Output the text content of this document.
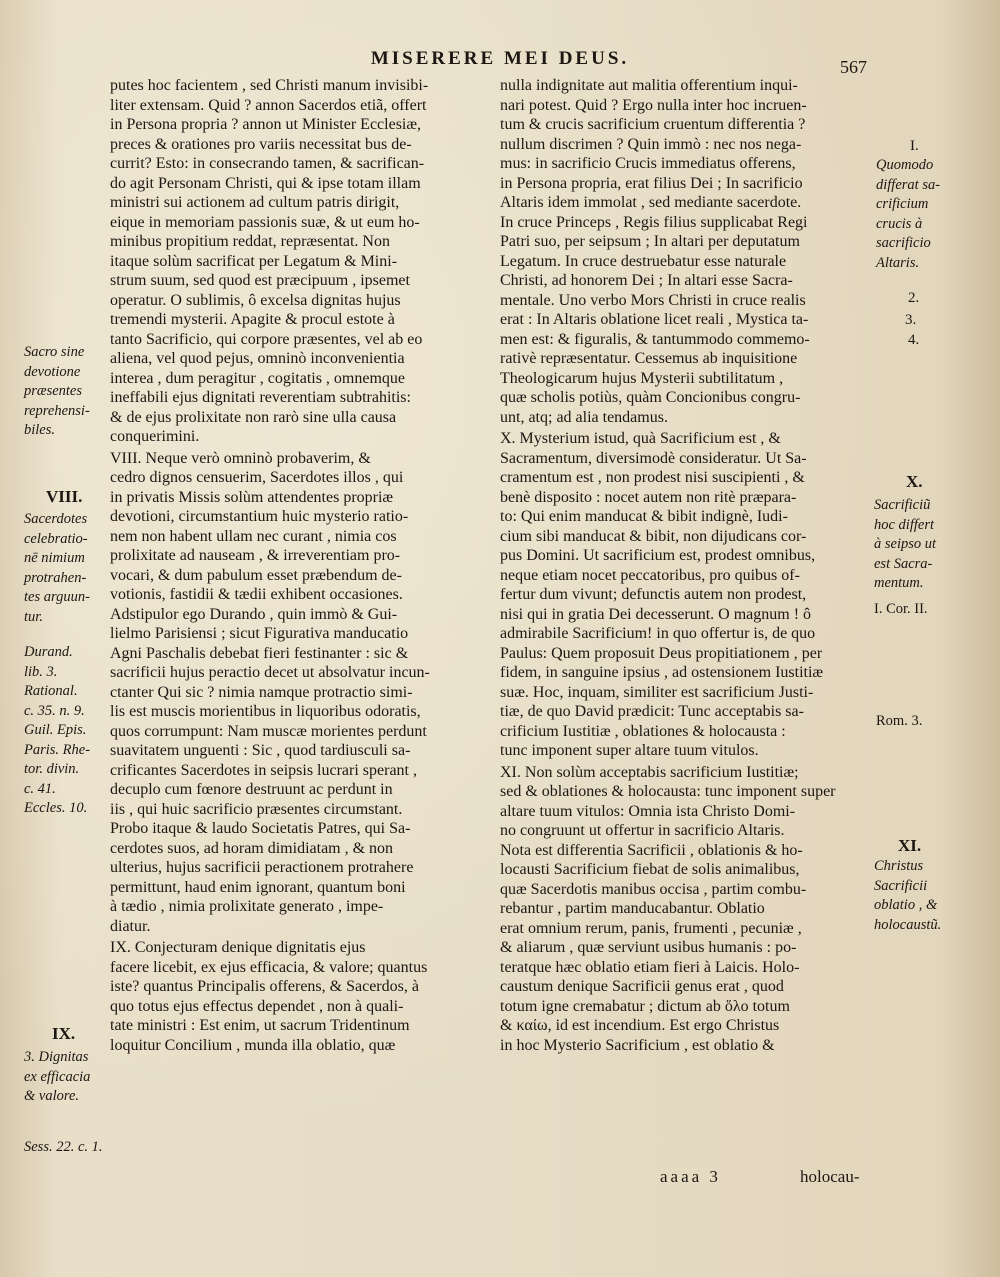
MISERERE MEI DEUS.	567

putes hoc facientem , sed Christi manum invisibi-
liter extensam. Quid ? annon Sacerdos etiã, offert
in Persona propria ? annon ut Minister Ecclesiæ,
preces & orationes pro variis necessitat bus de-
currit? Esto: in consecrando tamen, & sacrifican-
do agit Personam Christi, qui & ipse totam illam
ministri sui actionem ad cultum patris dirigit,
eique in memoriam passionis suæ, & ut eum ho-
minibus propitium reddat, repræsentat. Non
itaque solùm sacrificat per Legatum & Mini-
strum suum, sed quod est præcipuum , ipsemet
operatur. O sublimis, ô excelsa dignitas hujus
tremendi mysterii. Apagite & procul estote à
tanto Sacrificio, qui corpore præsentes, vel ab eo
aliena, vel quod pejus, omninò inconvenientia
interea , dum peragitur , cogitatis , omnemque
ineffabili ejus dignitati reverentiam subtrahitis:
& de ejus prolixitate non rarò sine ulla causa
conquerimini.

VIII. Neque verò omninò probaverim, &
cedro dignos censuerim, Sacerdotes illos , qui
in privatis Missis solùm attendentes propriæ
devotioni, circumstantium huic mysterio ratio-
nem non habent ullam nec curant , nimia cos
prolixitate ad nauseam , & irreverentiam pro-
vocari, & dum pabulum esset præbendum de-
votionis, fastidii & tædii exhibent occasiones.
Adstipulor ego Durando , quin immò & Gui-
lielmo Parisiensi ; sicut Figurativa manducatio
Agni Paschalis debebat fieri festinanter : sic &
sacrificii hujus peractio decet ut absolvatur incun-
ctanter Qui sic ? nimia namque protractio simi-
lis est muscis morientibus in liquoribus odoratis,
quos corrumpunt: Nam muscæ morientes perdunt
suavitatem unguenti : Sic , quod tardiusculi sa-
crificantes Sacerdotes in seipsis lucrari sperant ,
decuplo cum fœnore destruunt ac perdunt in
iis , qui huic sacrificio præsentes circumstant.
Probo itaque & laudo Societatis Patres, qui Sa-
cerdotes suos, ad horam dimidiatam , & non
ulterius, hujus sacrificii peractionem protrahere
permittunt, haud enim ignorant, quantum boni
à tædio , nimia prolixitate generato , impe-
diatur.

IX. Conjecturam denique dignitatis ejus
facere licebit, ex ejus efficacia, & valore; quantus
iste? quantus Principalis offerens, & Sacerdos, à
quo totus ejus effectus dependet , non à quali-
tate ministri : Est enim, ut sacrum Tridentinum
loquitur Concilium , munda illa oblatio, quæ

nulla indignitate aut malitia offerentium inqui-
nari potest. Quid ? Ergo nulla inter hoc incruen-
tum & crucis sacrificium cruentum differentia ?
nullum discrimen ? Quin immò : nec nos nega-
mus: in sacrificio Crucis immediatus offerens,
in Persona propria, erat filius Dei ; In sacrificio
Altaris idem immolat , sed mediante sacerdote.
In cruce Princeps , Regis filius supplicabat Regi
Patri suo, per seipsum ; In altari per deputatum
Legatum. In cruce destruebatur esse naturale
Christi, ad honorem Dei ; In altari esse Sacra-
mentale. Uno verbo Mors Christi in cruce realis
erat : In Altaris oblatione licet reali , Mystica ta-
men est: & figuralis, & tantummodo commemo-
rativè repræsentatur. Cessemus ab inquisitione
Theologicarum hujus Mysterii subtilitatum ,
quæ scholis potiùs, quàm Concionibus congru-
unt, atq; ad alia tendamus.

X. Mysterium istud, quà Sacrificium est , &
Sacramentum, diversimodè consideratur. Ut Sa-
cramentum est , non prodest nisi suscipienti , &
benè disposito : nocet autem non ritè præpara-
to: Qui enim manducat & bibit indignè, Iudi-
cium sibi manducat & bibit, non dijudicans cor-
pus Domini. Ut sacrificium est, prodest omnibus,
neque etiam nocet peccatoribus, pro quibus of-
fertur dum vivunt; defunctis autem non prodest,
nisi qui in gratia Dei decesserunt. O magnum ! ô
admirabile Sacrificium! in quo offertur is, de quo
Paulus: Quem proposuit Deus propitiationem , per
fidem, in sanguine ipsius , ad ostensionem Iustitiæ
suæ. Hoc, inquam, similiter est sacrificium Justi-
tiæ, de quo David prædicit: Tunc acceptabis sa-
crificium Iustitiæ , oblationes & holocausta :
tunc imponent super altare tuum vitulos.

XI. Non solùm acceptabis sacrificium Iustitiæ;
sed & oblationes & holocausta: tunc imponent super
altare tuum vitulos: Omnia ista Christo Domi-
no congruunt ut offertur in sacrificio Altaris.
Nota est differentia Sacrificii , oblationis & ho-
locausti Sacrificium fiebat de solis animalibus,
quæ Sacerdotis manibus occisa , partim combu-
rebantur , partim manducabantur. Oblatio
erat omnium rerum, panis, frumenti , pecuniæ ,
& aliarum , quæ serviunt usibus humanis : po-
teratque hæc oblatio etiam fieri à Laicis. Holo-
caustum denique Sacrificii genus erat , quod
totum igne cremabatur ; dictum ab ὅλο totum
& καίω, id est incendium. Est ergo Christus
in hoc Mysterio Sacrificium , est oblatio &

Sacro sine
devotione
præsentes
reprehensi-
biles.
VIII.
Sacerdotes
celebratio-
nē nimium
protrahen-
tes arguun-
tur.
Durand.
lib. 3.
Rational.
c. 35. n. 9.
Guil. Epis.
Paris. Rhe-
tor. divin.
c. 41.
Eccles. 10.
IX.
3. Dignitas
ex efficacia
& valore.
Sess. 22. c. 1.
I.
Quomodo
differat sa-
crificium
crucis à
sacrificio
Altaris.
2.
3.
4.
X.
Sacrificiũ
hoc differt
à seipso ut
est Sacra-
mentum.
I. Cor. II.
Rom. 3.
XI.
Christus
Sacrificii
oblatio , &
holocaustũ.
aaaa 3	holocau-
